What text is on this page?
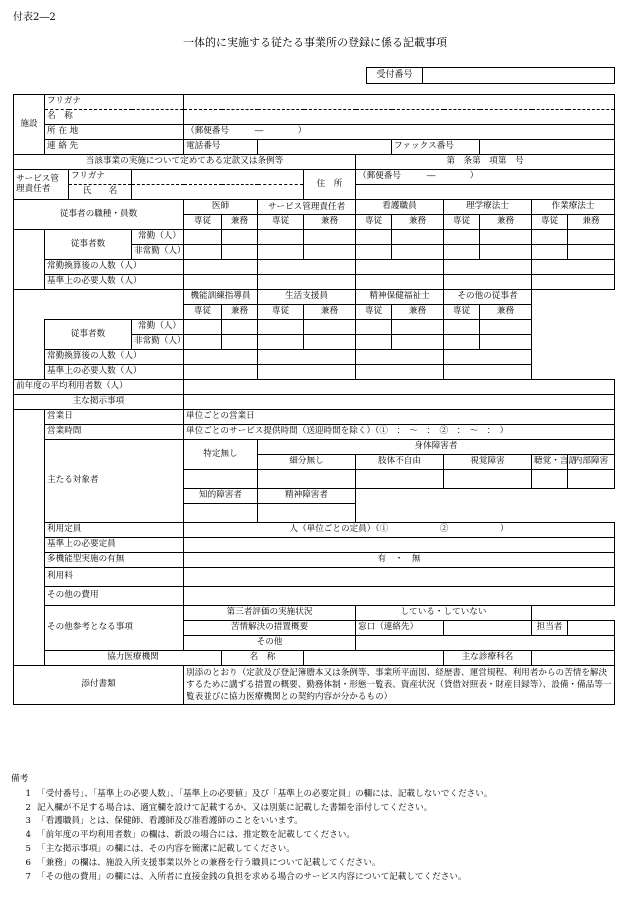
付表2―2
一体的に実施する従たる事業所の登録に係る記載事項
受付番号	
施設	フリガナ													
	名　称													
	所 在 地			（郵便番号　　　―　　　　）										
	連 絡 先			電話番号					ファックス番号					
当該事業の実施について定めてある定款又は条例等								第　条第　項第　号						
サービス管理責任者		フリガナ					住　所	（郵便番号　　　―　　　　）						
		氏　　名												
従事者の職種・員数				医師		サービス管理責任者		看護職員		理学療法士		作業療法士		
				専従	兼務	専従	兼務	専従	兼務	専従	兼務	専従	兼務	
	従事者数		常勤（人）											
			非常勤（人）											
	常勤換算後の人数（人）													
	基準上の必要人数（人）													
				機能訓練指導員		生活支援員		精神保健福祉士		その他の従事者				
				専従	兼務	専従	兼務	専従	兼務	専従	兼務			
	従事者数		常勤（人）											
			非常勤（人）											
	常勤換算後の人数（人）													
	基準上の必要人数（人）													
前年度の平均利用者数（人）														
主な掲示事項														
	営業日			単位ごとの営業日										
	営業時間			単位ごとのサービス提供時間（送迎時間を除く）（①　：　～　：　②　：　～　：　）										
	主たる対象者			特定無し		身体障害者								
						細分無し		肢体不自由		視覚障害		聴覚・言語	内部障害	

				知的障害者		精神障害者								

	利用定員			人（単位ごとの定員）（①　　　　　　②　　　　　　）										
	基準上の必要定員													
	多機能型実施の有無			有　・　無										
	利用料													
	その他の費用													
	その他参考となる事項			第三者評価の実施状況				している・していない						
				苦情解決の措置概要				窓口（連絡先）				担当者		
				その他										
	協力医療機関				名　称					主な診療科名				
添付書類				別添のとおり（定款及び登記簿謄本又は条例等、事業所平面図、経歴書、運営規程、利用者からの苦情を解決するために講ずる措置の概要、勤務体制・形態一覧表、資産状況（貸借対照表・財産目録等）、設備・備品等一覧表並びに協力医療機関との契約内容が分かるもの）										
備考
1 「受付番号」、「基準上の必要人数」、「基準上の必要値」及び「基準上の必要定員」の欄には、記載しないでください。
2 記入欄が不足する場合は、適宜欄を設けて記載するか、又は別葉に記載した書類を添付してください。
3 「看護職員」とは、保健師、看護師及び准看護師のことをいいます。
4 「前年度の平均利用者数」の欄は、新設の場合には、推定数を記載してください。
5 「主な掲示事項」の欄には、その内容を簡潔に記載してください。
6 「兼務」の欄は、施設入所支援事業以外との兼務を行う職員について記載してください。
7 「その他の費用」の欄には、入所者に直接金銭の負担を求める場合のサービス内容について記載してください。
